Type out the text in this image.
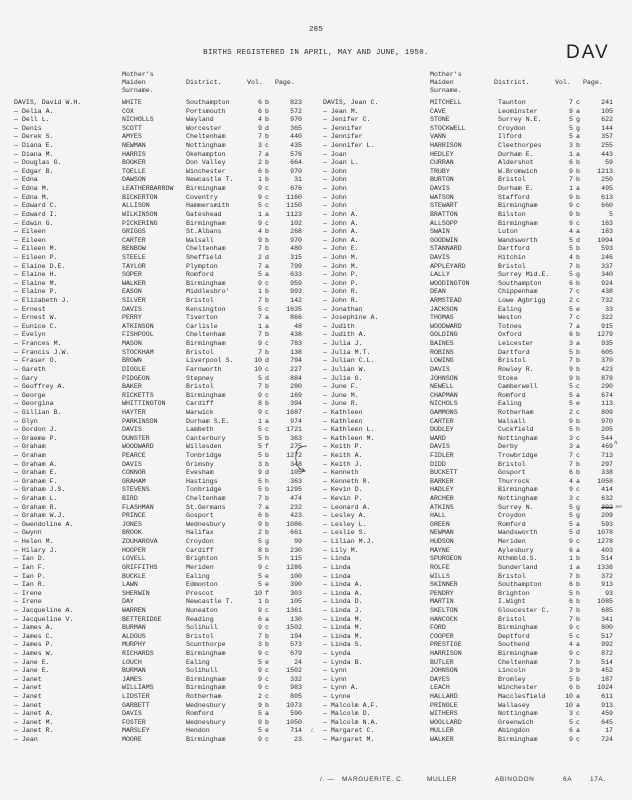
285
BIRTHS REGISTERED IN APRIL, MAY AND JUNE, 1950.	DAV
Mother's
Maiden
Surname.
District.	Vol. Page.
Mother's
Maiden
Surname.
District.	Vol. Page.
DAVIS, David W.H.	WHITE	Southampton	6 b	823
— Delia A.	COX	Portsmouth	6 b	572
— Dell L.	NICHOLLS	Wayland	4 b	970
— Denis	SCOTT	Worcester	9 d	365
— Derek S.	AMYES	Cheltenham	7 b	440
— Diana E.	NEWMAN	Nottingham	3 c	435
— Diana M.	HARRIS	Okehampton	7 a	576
— Douglas G.	BOOKER	Don Valley	2 b	664
— Edgar B.	TOELLE	Winchester	6 b	970
— Edna	DAWSON	Newcastle T.	1 b	31
— Edna M.	LEATHERBARROW Birmingham	9 c	676
— Edna M.	BICKERTON	Coventry	9 c	1160
— Edward C.	ALLISON	Hammersmith	5 c	1150
— Edward I.	WILKINSON	Gateshead	1 a	1123
— Edwin G.	PICKERING	Birmingham	9 c	102
— Eileen	GRIGGS	St.Albans	4 b	268
— Eileen	CARTER	Walsall	9 b	970
— Eileen M.	BENBOW	Cheltenham	7 b	480
— Eileen P.	STEELE	Sheffield	2 d	315
— Elaine D.E.	TAYLOR	Plympton	7 a	799
— Elaine H.	SOPER	Romford	5 a	633
— Elaine M.	WALKER	Birmingham	9 c	959
— Elaine P.	EASON	Middlesbro'	1 b	993
— Elizabeth J.	SILVER	Bristol	7 b	142
— Ernest	DAVIS	Kensington	5 c	1635
— Ernest W.	PERRY	Tiverton	7 a	866
— Eunice C.	ATKINSON	Carlisle	1 a	48
— Evelyn	FISHPOOL	Cheltenham	7 b	438
— Frances M.	MASON	Birmingham	9 c	783
— Francis J.W.	STOCKHAM	Bristol	7 b	138
— Fraser O.	BROWN	Liverpool S.	10 d	794
— Gareth	DIGGLE	Farnworth	10 c	227
— Gary	PIDGEON	Stepney	5 d	884
— Geoffrey A.	BAKER	Bristol	7 b	280
— George	RICKETTS	Birmingham	9 c	169
— Georgina	WHITTINGTON	Cardiff	8 b	394
— Gillian B.	HAYTER	Warwick	9 c	1687
— Glyn	PARKINSON	Durham S.E.	1 a	974
— Gordon J.	DAVIS	Lambeth	5 c	1721
— Graeme P.	DUNSTER	Canterbury	5 b	363
— Graham	WOODWARD	Willesden	5 f	275
— Graham	PEARCE	Tonbridge	5 b	1272
— Graham A.	DAVIS	Grimsby	3 b	348
— Graham E.	CONNOR	Evesham	9 d	105
— Graham F.	GRAHAM	Hastings	5 h	363
— Graham J.S.	STEVENS	Tonbridge	5 b	1295
— Graham L.	BIRD	Cheltenham	7 b	474
— Graham R.	FLASHMAN	St.Germans	7 a	232
— Graham W.J.	PRINCE	Gosport	6 b	423
— Gwendoline A.	JONES	Wednesbury	9 b	1086
— Gwynn	BROOK	Halifax	2 b	661
— Helen M.	ZOUHAROVA	Croydon	5 g	99
— Hilary J.	HOOPER	Cardiff	8 b	230
— Ian D.	LOVELL	Brighton	5 h	115
— Ian F.	GRIFFITHS	Meriden	9 c	1286
— Ian P.	BUCKLE	Ealing	5 e	100
— Ian R.	LAWN	Edmonton	5 e	390
— Irene	SHERWIN	Prescot	10 f	303
— Irene	DAY	Newcastle T.	1 b	105
— Jacqueline A.	WARREN	Nuneaton	9 c	1361
— Jacqueline V.	BETTERIDGE	Reading	6 a	130
— James A.	BURMAN	Solihull	9 c	1502
— James C.	ALDOUS	Bristol	7 b	194
— James P.	MURPHY	Scunthorpe	3 b	573
— James W.	RICHARDS	Birmingham	9 c	679
— Jane E.	LOUCH	Ealing	5 e	24
— Jane E.	BURMAN	Solihull	9 c	1502
— Janet	JAMES	Birmingham	9 c	332
— Janet	WILLIAMS	Birmingham	9 c	983
— Janet	LIDSTER	Rotherham	2 c	805
— Janet	GARBETT	Wednesbury	9 b	1073
— Janet A.	DAVIS	Romford	5 a	590
— Janet M.	FOSTER	Wednesbury	9 b	1050
— Janet R.	MARSLEY	Hendon	5 e	714
— Jean	MOORE	Birmingham	9 c	23
DAVIS, Jean C.	MITCHELL	Taunton	7 c	241
— Jean M.	CAVE	Leominster	9 a	105
— Jenifer C.	STONE	Surrey N.E.	5 g	622
— Jennifer	STOCKWELL	Croydon	5 g	144
— Jennifer	VANN	Ilford	5 a	357
— Jennifer L.	HARRISON	Cleethorpes	3 b	255
— Joan	HEDLEY	Durham E.	1 a	443
— Joan L.	CURRAN	Aldershot	6 b	59
— John	TRUBY	W.Bromwich	9 b	1213
— John	BURTON	Bristol	7 b	250
— John	DAVIS	Durham E.	1 a	495
— John	WATSON	Stafford	9 b	613
— John	STEWART	Birmingham	9 c	660
— John A.	BRATTON	Bilston	9 b	5
— John A.	ALLSOPP	Birmingham	9 c	163
— John A.	SWAIN	Luton	4 a	183
— John A.	GOODWIN	Wandsworth	5 d	1094
— John E.	STANNARD	Dartford	5 b	593
— John M.	DAVIS	Hitchin	4 b	246
— John M.	APPLEYARD	Bristol	7 b	337
— John P.	LALLY	Surrey Mid.E.	5 g	340
— John P.	WOODINGTON	Southampton	6 b	924
— John R.	DEAN	Chippenham	7 c	438
— John R.	ARMSTEAD	Lowe Agbrigg	2 c	732
— Jonathan	JACKSON	Ealing	5 e	33
— Josephine A.	THOMAS	Weston	7 c	322
— Judith	WOODWARD	Totnes	7 a	915
— Judith A.	GOLDING	Oxford	6 b	1279
— Julia J.	BAINES	Leicester	3 a	935
— Julia M.T.	ROBINS	Dartford	5 b	605
— Julian C.L.	LOWING	Bristol	7 b	370
— Julian W.	DAVIS	Rowley R.	9 b	423
— Julie G.	JOHNSON	Stoke	9 b	878
— June F.	NEWELL	Camberwell	5 c	290
— June M.	CHAPMAN	Romford	5 a	674
— June R.	NICHOLS	Ealing	5 e	113
— Kathleen	GAMMONS	Rotherham	2 c	809
— Kathleen	CARTER	Walsall	9 b	970
— Kathleen L.	DUDLEY	Cuckfield	5 h	205
— Kathleen M.	WARD	Nottingham	3 c	544
— Keith P.	DAVIS	Derby	3 a	469 A
— Keith A.	FIDLER	Trowbridge	7 c	713
— Keith J.	DIDD	Bristol	7 b	297
— Kenneth	BUCKETT	Gosport	6 b	338
— Kenneth R.	BARKER	Thurrock	4 a	1058
— Kevin D.	HADLEY	Birmingham	9 c	414
— Kevin P.	ARCHER	Nottingham	3 c	632
— Leonard A.	ATKINS	Surrey N.	5 g	392 183
— Lesley A.	HALL	Croydon	5 g	209
— Lesley L.	GREEN	Romford	5 a	593
— Leslie S.	NEWMAN	Wandsworth	5 d	1078
— Lilian M.J.	HUDSON	Meriden	9 c	1278
— Lily M.	MAYNE	Aylesbury	6 a	403
— Linda	SPURGEON	Nthmbld.S.	1 b	514
— Linda	ROLFE	Sunderland	1 a	1336
— Linda	WILLS	Bristol	7 b	372
— Linda A.	SKINNER	Southampton	6 b	913
— Linda A.	PENDRY	Brighton	5 h	93
— Linda D.	MARTIN	I.Wight	6 b	1085
— Linda J.	SKELTON	Gloucester C.	7 b	685
— Linda M.	HANCOCK	Bristol	7 b	341
— Linda M.	FORD	Birmingham	9 c	800
— Linda M.	COOPER	Deptford	5 c	517
— Linda S.	PRESTIGE	Southend	4 a	992
— Lynda	HARRISON	Birmingham	9 c	872
— Lynda B.	BUTLER	Cheltenham	7 b	514
— Lynn	JOHNSON	Lincoln	3 b	452
— Lynn	DAYES	Bromley	5 b	187
— Lynn A.	LEACH	Winchester	6 b	1024
— Lynne	HALLARD	Macclesfield	10 a	611
— Malcolm A.F.	PRINGLE	Wallasey	10 a	913
— Malcolm D.	WITHERS	Nottingham	3 c	459
— Malcolm N.A.	WOOLLARD	Greenwich	5 c	645
— Margaret C.	MULLER	Abingdon	6 a	17
/.
— Margaret M.	WALKER	Birmingham	9 c	724
/. — MARGUERITE. C.	MULLER	ABINGDON	6A	17A.
